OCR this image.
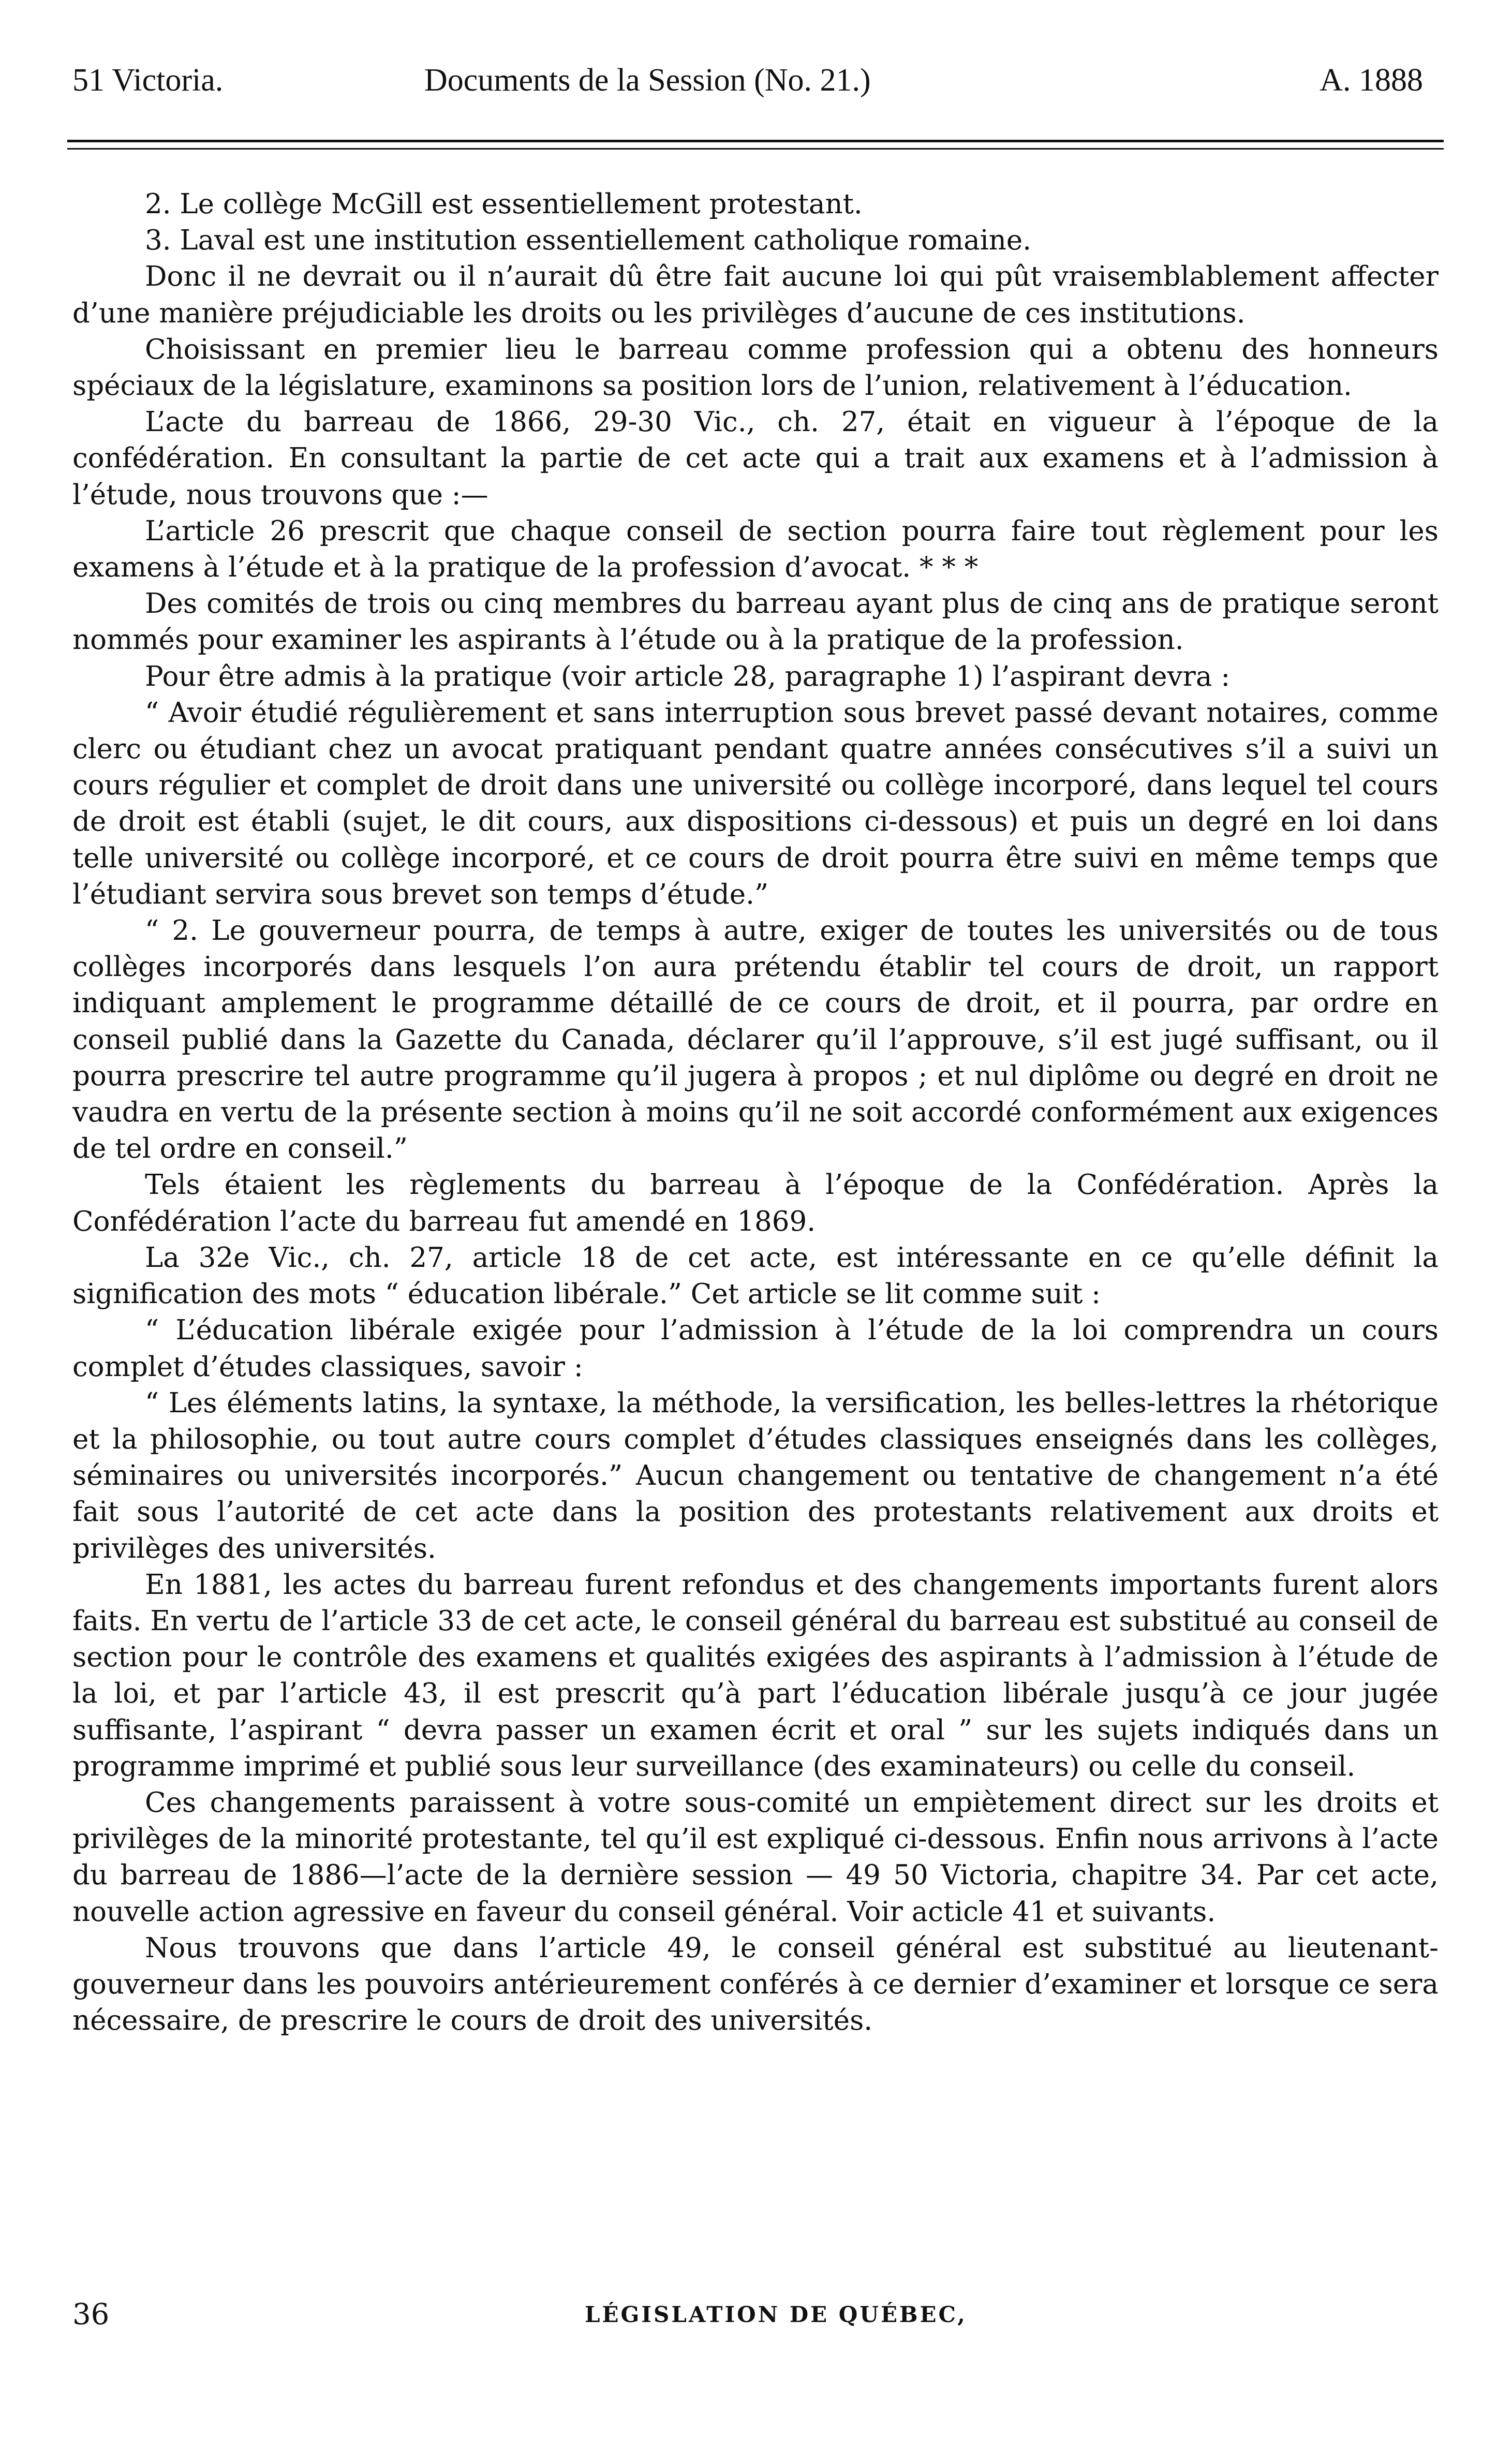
51 Victoria.	Documents de la Session (No. 21.)	A. 1888

2. Le collège McGill est essentiellement protestant.

3. Laval est une institution essentiellement catholique romaine.

Donc il ne devrait ou il n’aurait dû être fait aucune loi qui pût vraisemblablement affecter d’une manière préjudiciable les droits ou les privilèges d’aucune de ces institutions.

Choisissant en premier lieu le barreau comme profession qui a obtenu des honneurs spéciaux de la législature, examinons sa position lors de l’union, relativement à l’éducation.

L’acte du barreau de 1866, 29-30 Vic., ch. 27, était en vigueur à l’époque de la confédération. En consultant la partie de cet acte qui a trait aux examens et à l’admission à l’étude, nous trouvons que :—

L’article 26 prescrit que chaque conseil de section pourra faire tout règlement pour les examens à l’étude et à la pratique de la profession d’avocat. * * *

Des comités de trois ou cinq membres du barreau ayant plus de cinq ans de pratique seront nommés pour examiner les aspirants à l’étude ou à la pratique de la profession.

Pour être admis à la pratique (voir article 28, paragraphe 1) l’aspirant devra :

“ Avoir étudié régulièrement et sans interruption sous brevet passé devant notaires, comme clerc ou étudiant chez un avocat pratiquant pendant quatre années consécutives s’il a suivi un cours régulier et complet de droit dans une université ou collège incorporé, dans lequel tel cours de droit est établi (sujet, le dit cours, aux dispositions ci-dessous) et puis un degré en loi dans telle université ou collège incorporé, et ce cours de droit pourra être suivi en même temps que l’étudiant servira sous brevet son temps d’étude.”

“ 2. Le gouverneur pourra, de temps à autre, exiger de toutes les universités ou de tous collèges incorporés dans lesquels l’on aura prétendu établir tel cours de droit, un rapport indiquant amplement le programme détaillé de ce cours de droit, et il pourra, par ordre en conseil publié dans la Gazette du Canada, déclarer qu’il l’approuve, s’il est jugé suffisant, ou il pourra prescrire tel autre programme qu’il jugera à propos ; et nul diplôme ou degré en droit ne vaudra en vertu de la présente section à moins qu’il ne soit accordé conformément aux exigences de tel ordre en conseil.”

Tels étaient les règlements du barreau à l’époque de la Confédération. Après la Confédération l’acte du barreau fut amendé en 1869.

La 32e Vic., ch. 27, article 18 de cet acte, est intéressante en ce qu’elle définit la signification des mots “ éducation libérale.” Cet article se lit comme suit :

“ L’éducation libérale exigée pour l’admission à l’étude de la loi comprendra un cours complet d’études classiques, savoir :

“ Les éléments latins, la syntaxe, la méthode, la versification, les belles-lettres la rhétorique et la philosophie, ou tout autre cours complet d’études classiques enseignés dans les collèges, séminaires ou universités incorporés.” Aucun changement ou tentative de changement n’a été fait sous l’autorité de cet acte dans la position des protestants relativement aux droits et privilèges des universités.

En 1881, les actes du barreau furent refondus et des changements importants furent alors faits. En vertu de l’article 33 de cet acte, le conseil général du barreau est substitué au conseil de section pour le contrôle des examens et qualités exigées des aspirants à l’admission à l’étude de la loi, et par l’article 43, il est prescrit qu’à part l’éducation libérale jusqu’à ce jour jugée suffisante, l’aspirant “ devra passer un examen écrit et oral ” sur les sujets indiqués dans un programme imprimé et publié sous leur surveillance (des examinateurs) ou celle du conseil.

Ces changements paraissent à votre sous-comité un empiètement direct sur les droits et privilèges de la minorité protestante, tel qu’il est expliqué ci-dessous. Enfin nous arrivons à l’acte du barreau de 1886—l’acte de la dernière session — 49 50 Victoria, chapitre 34. Par cet acte, nouvelle action agressive en faveur du conseil général. Voir acticle 41 et suivants.

Nous trouvons que dans l’article 49, le conseil général est substitué au lieutenant-gouverneur dans les pouvoirs antérieurement conférés à ce dernier d’examiner et lorsque ce sera nécessaire, de prescrire le cours de droit des universités.

36	LÉGISLATION DE QUÉBEC,
